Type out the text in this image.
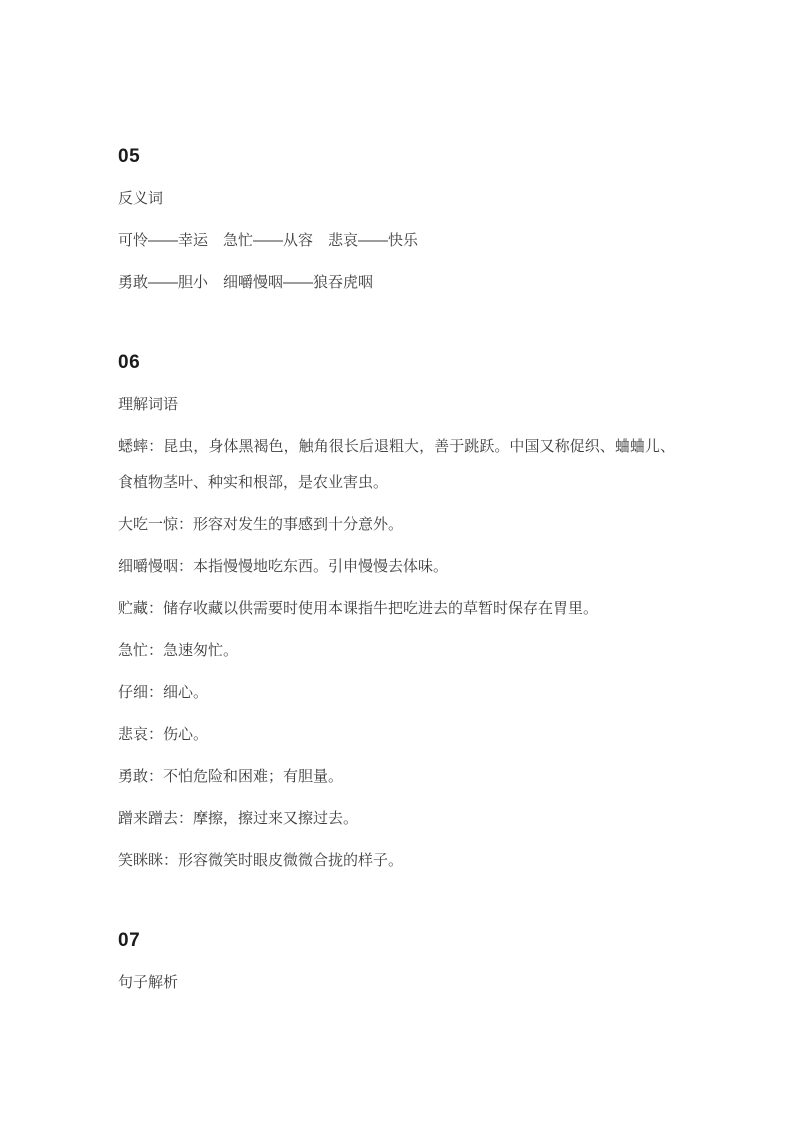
05

反义词

可怜——幸运　急忙——从容　悲哀——快乐

勇敢——胆小　细嚼慢咽——狼吞虎咽

06

理解词语

蟋蟀：昆虫，身体黑褐色，触角很长后退粗大，善于跳跃。中国又称促织、蛐蛐儿、食植物茎叶、种实和根部，是农业害虫。

大吃一惊：形容对发生的事感到十分意外。

细嚼慢咽：本指慢慢地吃东西。引申慢慢去体味。

贮藏：储存收藏以供需要时使用本课指牛把吃进去的草暂时保存在胃里。

急忙：急速匆忙。

仔细：细心。

悲哀：伤心。

勇敢：不怕危险和困难；有胆量。

蹭来蹭去：摩擦，擦过来又擦过去。

笑眯眯：形容微笑时眼皮微微合拢的样子。

07

句子解析
